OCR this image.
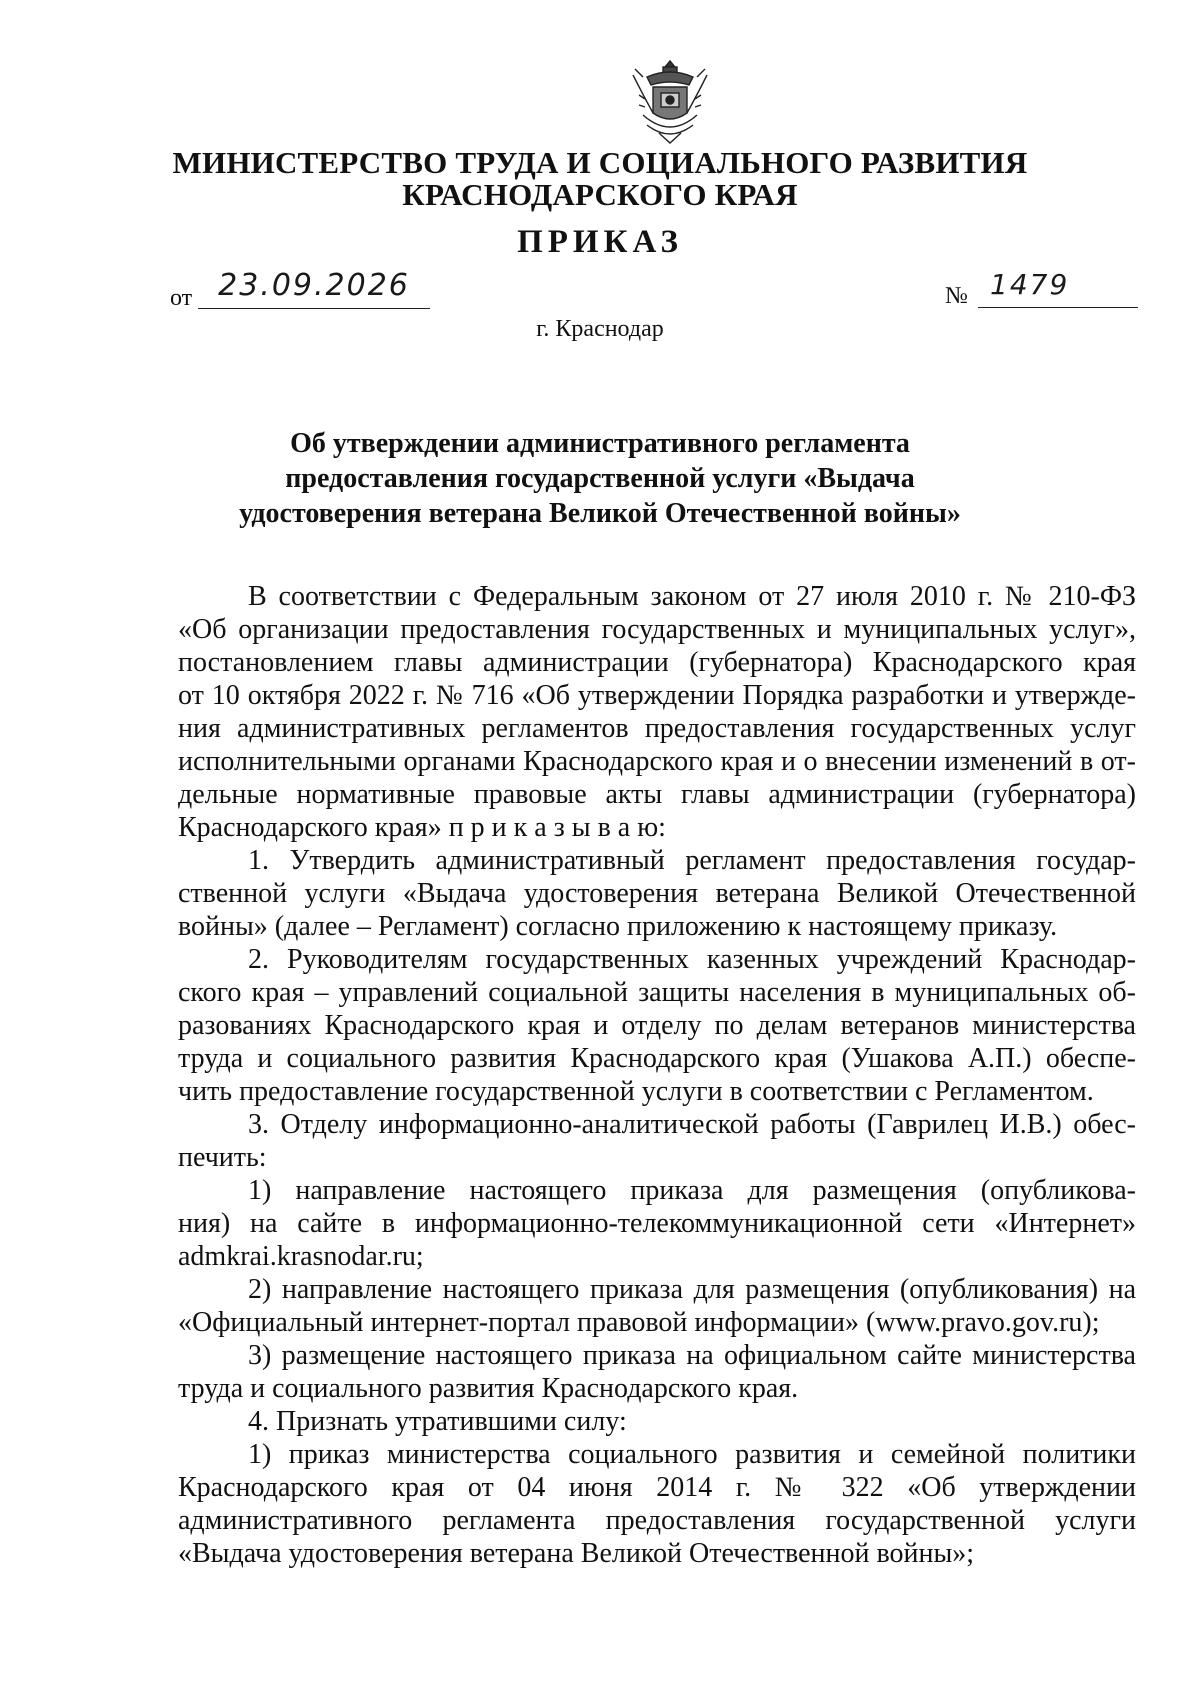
МИНИСТЕРСТВО ТРУДА И СОЦИАЛЬНОГО РАЗВИТИЯ
КРАСНОДАРСКОГО КРАЯ
ПРИКАЗ
от 23.09.2026	№ 1479
г. Краснодар
Об утверждении административного регламента
предоставления государственной услуги «Выдача
удостоверения ветерана Великой Отечественной войны»
В соответствии с Федеральным законом от 27 июля 2010 г. № 210-ФЗ
«Об организации предоставления государственных и муниципальных услуг»,
постановлением главы администрации (губернатора) Краснодарского края
от 10 октября 2022 г. № 716 «Об утверждении Порядка разработки и утвержде-
ния административных регламентов предоставления государственных услуг
исполнительными органами Краснодарского края и о внесении изменений в от-
дельные нормативные правовые акты главы администрации (губернатора)
Краснодарского края» п р и к а з ы в а ю:
1. Утвердить административный регламент предоставления государ-
ственной услуги «Выдача удостоверения ветерана Великой Отечественной
войны» (далее – Регламент) согласно приложению к настоящему приказу.
2. Руководителям государственных казенных учреждений Краснодар-
ского края – управлений социальной защиты населения в муниципальных об-
разованиях Краснодарского края и отделу по делам ветеранов министерства
труда и социального развития Краснодарского края (Ушакова А.П.) обеспе-
чить предоставление государственной услуги в соответствии с Регламентом.
3. Отделу информационно-аналитической работы (Гаврилец И.В.) обес-
печить:
1) направление настоящего приказа для размещения (опубликова-
ния) на сайте в информационно-телекоммуникационной сети «Интернет»
admkrai.krasnodar.ru;
2) направление настоящего приказа для размещения (опубликования) на
«Официальный интернет-портал правовой информации» (www.pravo.gov.ru);
3) размещение настоящего приказа на официальном сайте министерства
труда и социального развития Краснодарского края.
4. Признать утратившими силу:
1) приказ министерства социального развития и семейной политики
Краснодарского края от 04 июня 2014 г. № 322 «Об утверждении
административного регламента предоставления государственной услуги
«Выдача удостоверения ветерана Великой Отечественной войны»;
